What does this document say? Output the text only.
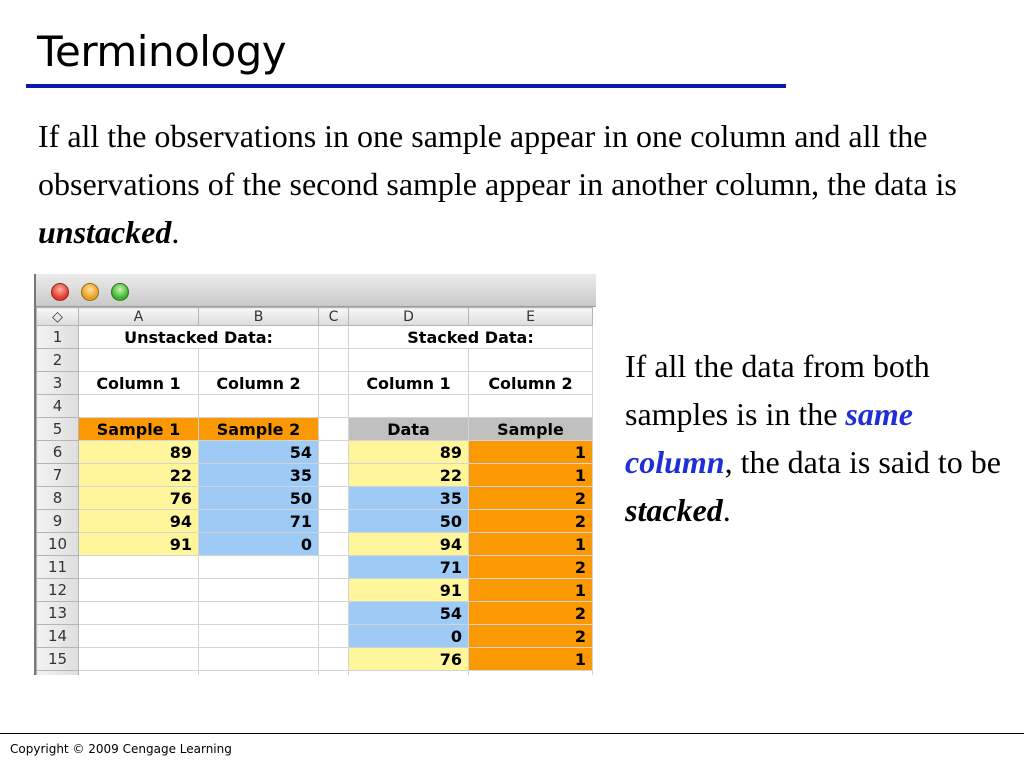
Terminology

If all the observations in one sample appear in one column and all the observations of the second sample appear in another column, the data is unstacked.

◇	A	B	C	D	E
1	Unstacked Data:			Stacked Data:	
2					
3	Column 1	Column 2		Column 1	Column 2
4					
5	Sample 1	Sample 2		Data	Sample
6	89	54		89	1
7	22	35		22	1
8	76	50		35	2
9	94	71		50	2
10	91	0		94	1
11				71	2
12				91	1
13				54	2
14				0	2
15				76	1

If all the data from both samples is in the same column, the data is said to be stacked.

Copyright © 2009 Cengage Learning
